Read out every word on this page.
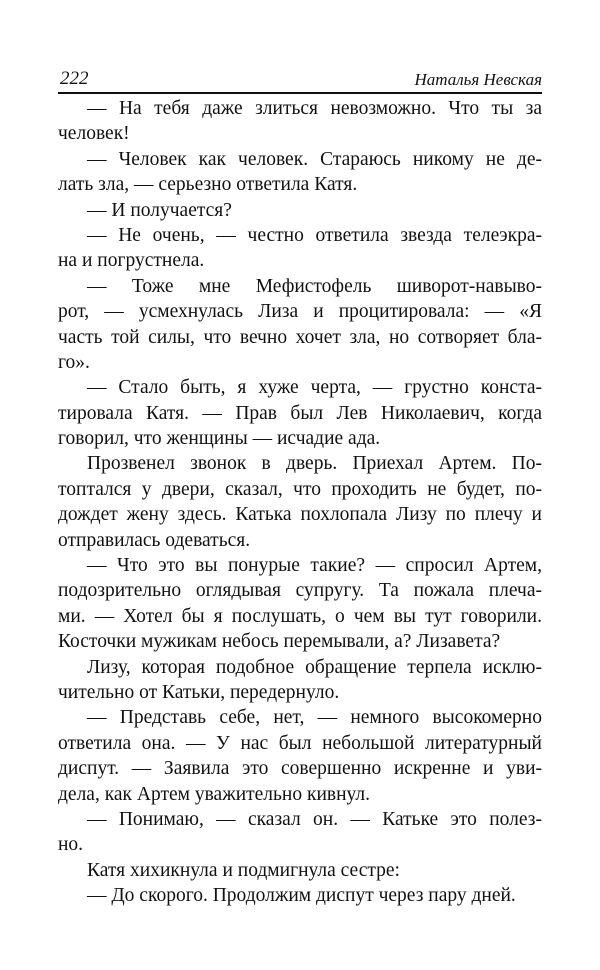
222	Наталья Невская
— На тебя даже злиться невозможно. Что ты за
человек!
— Человек как человек. Стараюсь никому не де-
лать зла, — серьезно ответила Катя.
— И получается?
— Не очень, — честно ответила звезда телеэкра-
на и погрустнела.
— Тоже мне Мефистофель шиворот-навыво-
рот, — усмехнулась Лиза и процитировала: — «Я
часть той силы, что вечно хочет зла, но сотворяет бла-
го».
— Стало быть, я хуже черта, — грустно конста-
тировала Катя. — Прав был Лев Николаевич, когда
говорил, что женщины — исчадие ада.
Прозвенел звонок в дверь. Приехал Артем. По-
топтался у двери, сказал, что проходить не будет, по-
дождет жену здесь. Катька похлопала Лизу по плечу и
отправилась одеваться.
— Что это вы понурые такие? — спросил Артем,
подозрительно оглядывая супругу. Та пожала плеча-
ми. — Хотел бы я послушать, о чем вы тут говорили.
Косточки мужикам небось перемывали, а? Лизавета?
Лизу, которая подобное обращение терпела исклю-
чительно от Катьки, передернуло.
— Представь себе, нет, — немного высокомерно
ответила она. — У нас был небольшой литературный
диспут. — Заявила это совершенно искренне и уви-
дела, как Артем уважительно кивнул.
— Понимаю, — сказал он. — Катьке это полез-
но.
Катя хихикнула и подмигнула сестре:
— До скорого. Продолжим диспут через пару дней.
